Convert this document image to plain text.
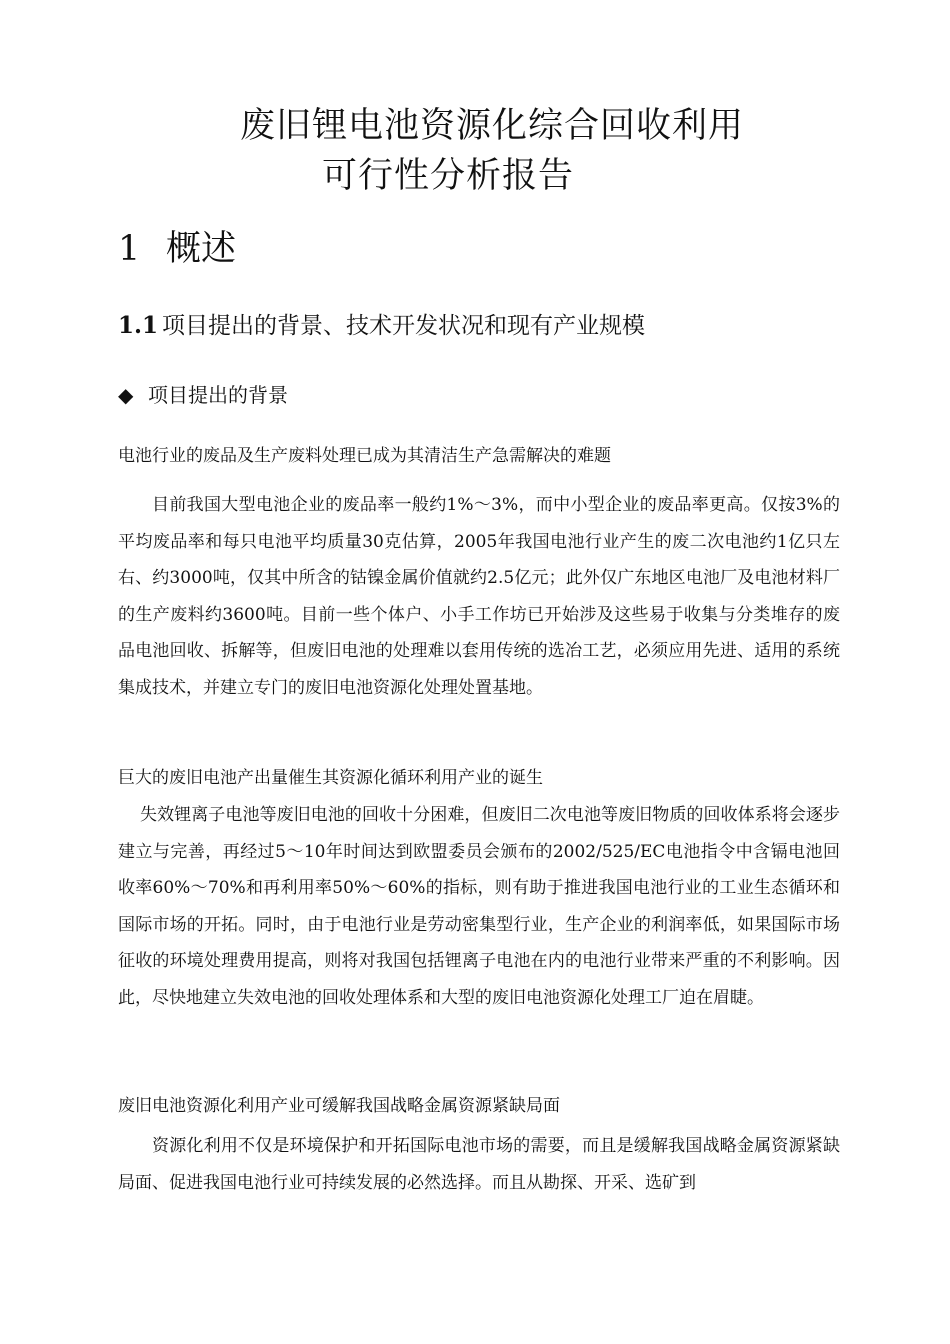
废旧锂电池资源化综合回收利用
可行性分析报告
1 概述
1.1 项目提出的背景、技术开发状况和现有产业规模
◆ 项目提出的背景
电池行业的废品及生产废料处理已成为其清洁生产急需解决的难题
目前我国大型电池企业的废品率一般约1%～3%，而中小型企业的废品率更高。仅按3%的平均废品率和每只电池平均质量30克估算，2005年我国电池行业产生的废二次电池约1亿只左右、约3000吨，仅其中所含的钴镍金属价值就约2.5亿元；此外仅广东地区电池厂及电池材料厂的生产废料约3600吨。目前一些个体户、小手工作坊已开始涉及这些易于收集与分类堆存的废品电池回收、拆解等，但废旧电池的处理难以套用传统的选冶工艺，必须应用先进、适用的系统集成技术，并建立专门的废旧电池资源化处理处置基地。
巨大的废旧电池产出量催生其资源化循环利用产业的诞生
失效锂离子电池等废旧电池的回收十分困难，但废旧二次电池等废旧物质的回收体系将会逐步建立与完善，再经过5～10年时间达到欧盟委员会颁布的2002/525/EC电池指令中含镉电池回收率60%～70%和再利用率50%～60%的指标，则有助于推进我国电池行业的工业生态循环和国际市场的开拓。同时，由于电池行业是劳动密集型行业，生产企业的利润率低，如果国际市场征收的环境处理费用提高，则将对我国包括锂离子电池在内的电池行业带来严重的不利影响。因此，尽快地建立失效电池的回收处理体系和大型的废旧电池资源化处理工厂迫在眉睫。
废旧电池资源化利用产业可缓解我国战略金属资源紧缺局面
资源化利用不仅是环境保护和开拓国际电池市场的需要，而且是缓解我国战略金属资源紧缺局面、促进我国电池行业可持续发展的必然选择。而且从勘探、开采、选矿到
